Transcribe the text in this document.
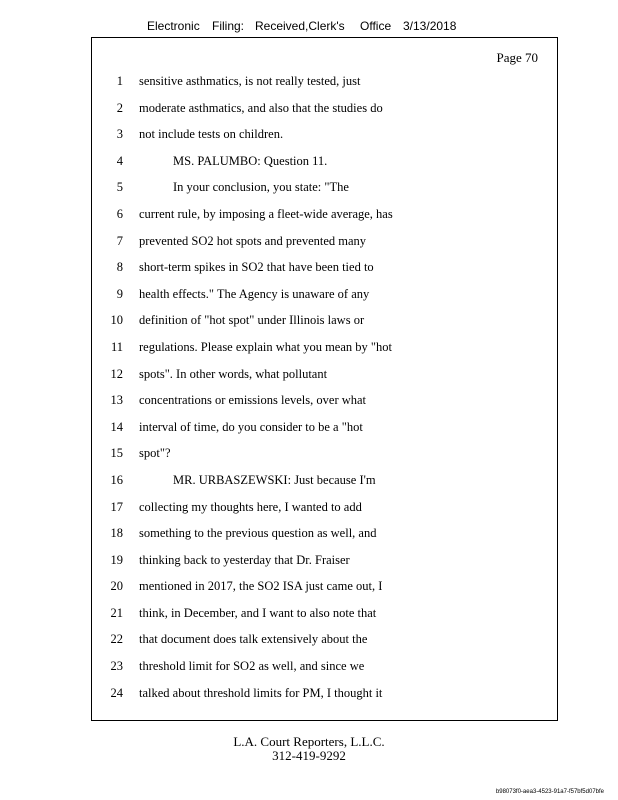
Electronic Filing: Received,Clerk's Office 3/13/2018
Page 70
1 sensitive asthmatics, is not really tested, just
2 moderate asthmatics, and also that the studies do
3 not include tests on children.
4	MS. PALUMBO: Question 11.
5	In your conclusion, you state: "The
6 current rule, by imposing a fleet-wide average, has
7 prevented SO2 hot spots and prevented many
8 short-term spikes in SO2 that have been tied to
9 health effects." The Agency is unaware of any
10 definition of "hot spot" under Illinois laws or
11 regulations. Please explain what you mean by "hot
12 spots". In other words, what pollutant
13 concentrations or emissions levels, over what
14 interval of time, do you consider to be a "hot
15 spot"?
16	MR. URBASZEWSKI: Just because I'm
17 collecting my thoughts here, I wanted to add
18 something to the previous question as well, and
19 thinking back to yesterday that Dr. Fraiser
20 mentioned in 2017, the SO2 ISA just came out, I
21 think, in December, and I want to also note that
22 that document does talk extensively about the
23 threshold limit for SO2 as well, and since we
24 talked about threshold limits for PM, I thought it
L.A. Court Reporters, L.L.C.
312-419-9292
b98073f0-aea3-4523-91a7-f57bf5d07bfe
